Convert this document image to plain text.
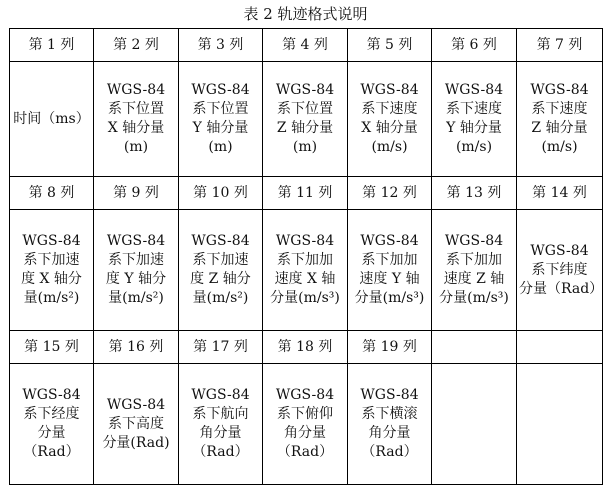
表 2 轨迹格式说明
第 1 列	第 2 列	第 3 列	第 4 列	第 5 列	第 6 列	第 7 列
时间（ms）	WGS-84
系下位置
X 轴分量
(m)	WGS-84
系下位置
Y 轴分量
(m)	WGS-84
系下位置
Z 轴分量
(m)	WGS-84
系下速度
X 轴分量
(m/s)	WGS-84
系下速度
Y 轴分量
(m/s)	WGS-84
系下速度
Z 轴分量
(m/s)
第 8 列	第 9 列	第 10 列	第 11 列	第 12 列	第 13 列	第 14 列
WGS-84
系下加速
度 X 轴分
量(m/s²)	WGS-84
系下加速
度 Y 轴分
量(m/s²)	WGS-84
系下加速
度 Z 轴分
量(m/s²)	WGS-84
系下加加
速度 X 轴
分量(m/s³)	WGS-84
系下加加
速度 Y 轴
分量(m/s³)	WGS-84
系下加加
速度 Z 轴
分量(m/s³)	WGS-84
系下纬度
分量（Rad）
第 15 列	第 16 列	第 17 列	第 18 列	第 19 列		
WGS-84
系下经度
分量
（Rad）	WGS-84
系下高度
分量(Rad)	WGS-84
系下航向
角分量
（Rad）	WGS-84
系下俯仰
角分量
（Rad）	WGS-84
系下横滚
角分量
（Rad）		
